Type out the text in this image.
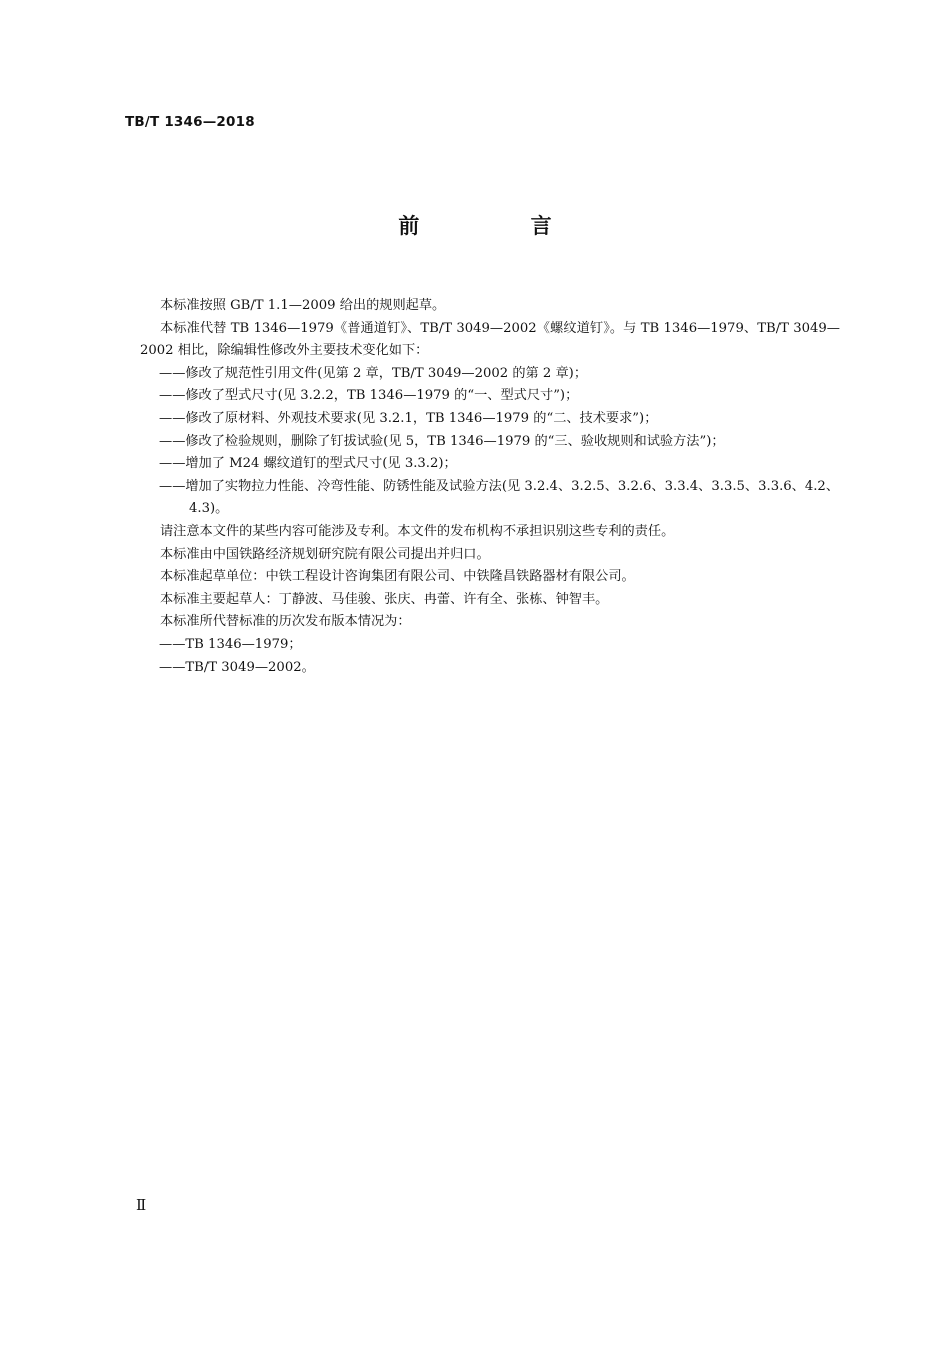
TB/T 1346—2018
前 言

本标准按照 GB/T 1.1—2009 给出的规则起草。

本标准代替 TB 1346—1979《普通道钉》、TB/T 3049—2002《螺纹道钉》。与 TB 1346—1979、TB/T 3049—2002 相比，除编辑性修改外主要技术变化如下：

——修改了规范性引用文件(见第 2 章，TB/T 3049—2002 的第 2 章)；

——修改了型式尺寸(见 3.2.2，TB 1346—1979 的“一、型式尺寸”)；

——修改了原材料、外观技术要求(见 3.2.1，TB 1346—1979 的“二、技术要求”)；

——修改了检验规则，删除了钉拔试验(见 5，TB 1346—1979 的“三、验收规则和试验方法”)；

——增加了 M24 螺纹道钉的型式尺寸(见 3.3.2)；

——增加了实物拉力性能、冷弯性能、防锈性能及试验方法(见 3.2.4、3.2.5、3.2.6、3.3.4、3.3.5、3.3.6、4.2、4.3)。

请注意本文件的某些内容可能涉及专利。本文件的发布机构不承担识别这些专利的责任。

本标准由中国铁路经济规划研究院有限公司提出并归口。

本标准起草单位：中铁工程设计咨询集团有限公司、中铁隆昌铁路器材有限公司。

本标准主要起草人：丁静波、马佳骏、张庆、冉蕾、许有全、张栋、钟智丰。

本标准所代替标准的历次发布版本情况为：

——TB 1346—1979；

——TB/T 3049—2002。

Ⅱ
